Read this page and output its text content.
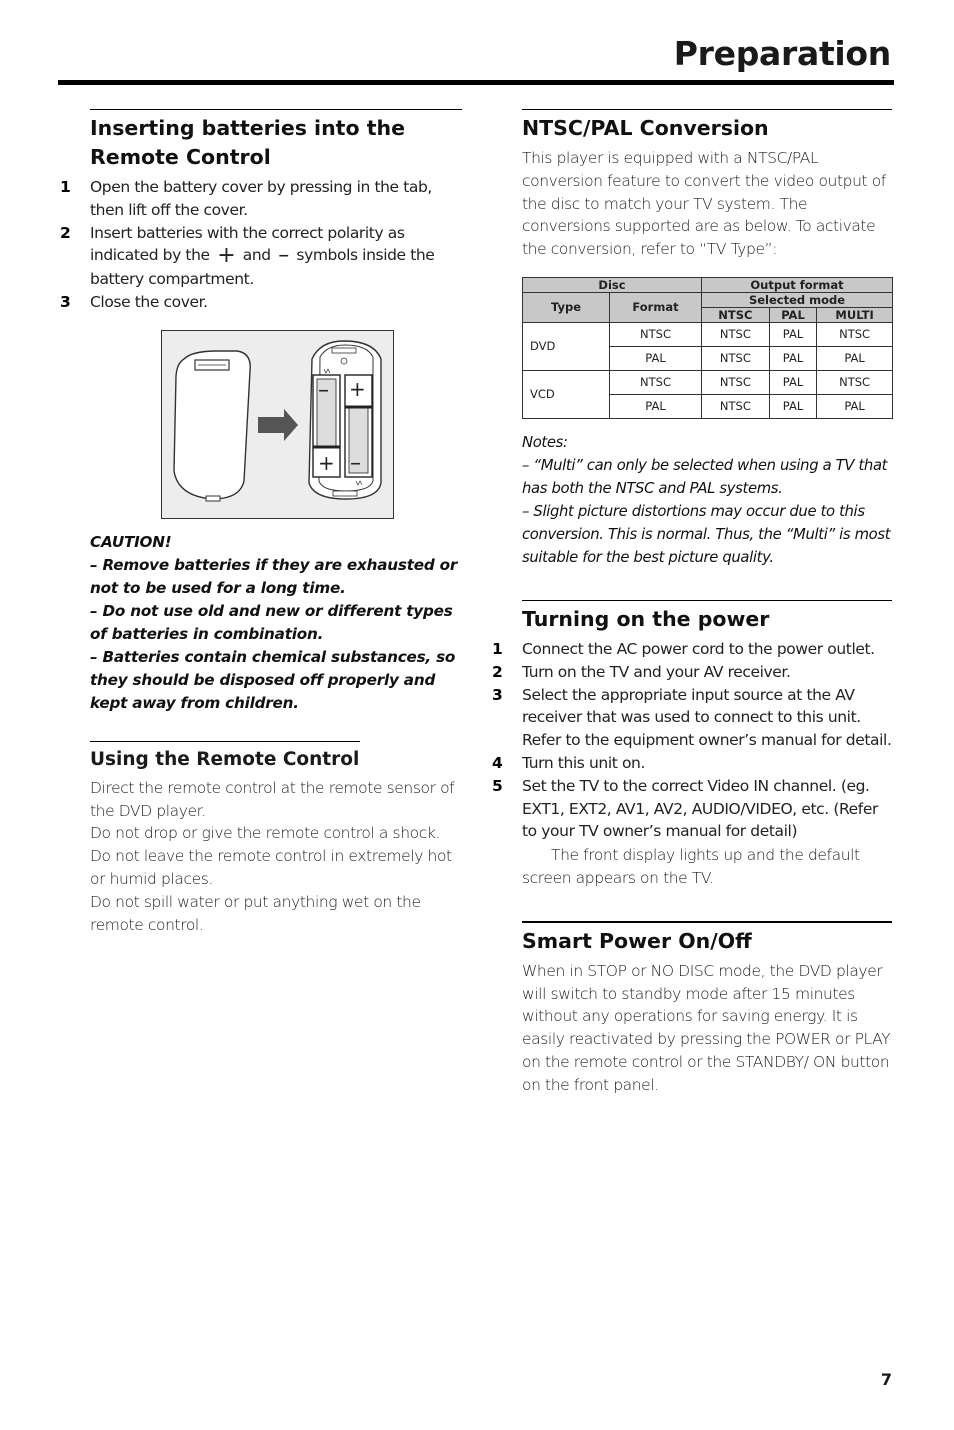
Preparation
Inserting batteries into the Remote Control
1 Open the battery cover by pressing in the tab, then lift off the cover.
2 Insert batteries with the correct polarity as indicated by the + and – symbols inside the battery compartment.
3 Close the cover.
–
+
+
–

CAUTION!

– Remove batteries if they are exhausted or not to be used for a long time.

– Do not use old and new or different types of batteries in combination.

– Batteries contain chemical substances, so they should be disposed off properly and kept away from children.

Using the Remote Control
Direct the remote control at the remote sensor of the DVD player.
Do not drop or give the remote control a shock.
Do not leave the remote control in extremely hot or humid places.
Do not spill water or put anything wet on the remote control.
NTSC/PAL Conversion

This player is equipped with a NTSC/PAL conversion feature to convert the video output of the disc to match your TV system. The conversions supported are as below. To activate the conversion, refer to “TV Type”:

Disc		Output format		
Type	Format	Selected mode		
		NTSC	PAL	MULTI
DVD	NTSC	NTSC	PAL	NTSC
	PAL	NTSC	PAL	PAL
VCD	NTSC	NTSC	PAL	NTSC
	PAL	NTSC	PAL	PAL

Notes:

– “Multi” can only be selected when using a TV that has both the NTSC and PAL systems.

– Slight picture distortions may occur due to this conversion. This is normal. Thus, the “Multi” is most suitable for the best picture quality.

Turning on the power
1 Connect the AC power cord to the power outlet.
2 Turn on the TV and your AV receiver.
3 Select the appropriate input source at the AV receiver that was used to connect to this unit. Refer to the equipment owner’s manual for detail.
4 Turn this unit on.
5 Set the TV to the correct Video IN channel. (eg. EXT1, EXT2, AV1, AV2, AUDIO/VIDEO, etc. (Refer to your TV owner’s manual for detail)

The front display lights up and the default screen appears on the TV.

Smart Power On/Off

When in STOP or NO DISC mode, the DVD player will switch to standby mode after 15 minutes without any operations for saving energy. It is easily reactivated by pressing the POWER or PLAY on the remote control or the STANDBY/ ON button on the front panel.

7
